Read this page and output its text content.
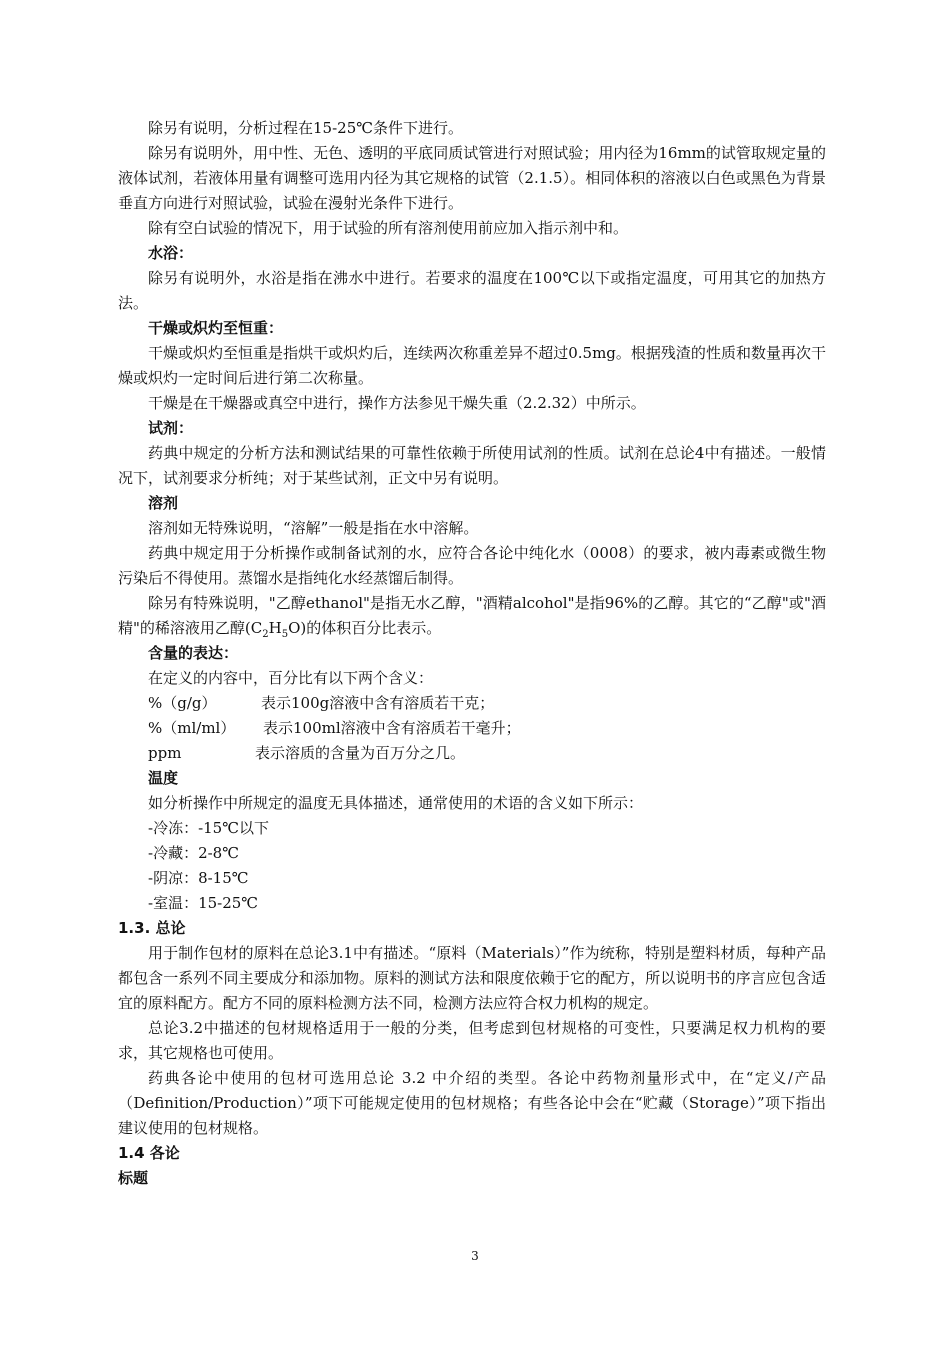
除另有说明，分析过程在15-25℃条件下进行。

除另有说明外，用中性、无色、透明的平底同质试管进行对照试验；用内径为16mm的试管取规定量的液体试剂，若液体用量有调整可选用内径为其它规格的试管（2.1.5）。相同体积的溶液以白色或黑色为背景垂直方向进行对照试验，试验在漫射光条件下进行。

除有空白试验的情况下，用于试验的所有溶剂使用前应加入指示剂中和。

水浴：

除另有说明外，水浴是指在沸水中进行。若要求的温度在100℃以下或指定温度，可用其它的加热方法。

干燥或炽灼至恒重：

干燥或炽灼至恒重是指烘干或炽灼后，连续两次称重差异不超过0.5mg。根据残渣的性质和数量再次干燥或炽灼一定时间后进行第二次称量。

干燥是在干燥器或真空中进行，操作方法参见干燥失重（2.2.32）中所示。

试剂：

药典中规定的分析方法和测试结果的可靠性依赖于所使用试剂的性质。试剂在总论4中有描述。一般情况下，试剂要求分析纯；对于某些试剂，正文中另有说明。

溶剂

溶剂如无特殊说明，“溶解”一般是指在水中溶解。

药典中规定用于分析操作或制备试剂的水，应符合各论中纯化水（0008）的要求，被内毒素或微生物污染后不得使用。蒸馏水是指纯化水经蒸馏后制得。

除另有特殊说明，"乙醇ethanol"是指无水乙醇，"酒精alcohol"是指96%的乙醇。其它的“乙醇"或"酒精"的稀溶液用乙醇$(C_2H_5O)$的体积百分比表示。

含量的表达：

在定义的内容中，百分比有以下两个含义：

%（g/g）	表示100g溶液中含有溶质若干克；
%（ml/ml）	表示100ml溶液中含有溶质若干毫升；
ppm	表示溶质的含量为百万分之几。

温度

如分析操作中所规定的温度无具体描述，通常使用的术语的含义如下所示：

-冷冻：-15℃以下

-冷藏：2-8℃

-阴凉：8-15℃

-室温：15-25℃

1.3. 总论

用于制作包材的原料在总论3.1中有描述。“原料（Materials）”作为统称，特别是塑料材质，每种产品都包含一系列不同主要成分和添加物。原料的测试方法和限度依赖于它的配方，所以说明书的序言应包含适宜的原料配方。配方不同的原料检测方法不同，检测方法应符合权力机构的规定。

总论3.2中描述的包材规格适用于一般的分类，但考虑到包材规格的可变性，只要满足权力机构的要求，其它规格也可使用。

药典各论中使用的包材可选用总论 3.2 中介绍的类型。各论中药物剂量形式中，在“定义/产品（Definition/Production）”项下可能规定使用的包材规格；有些各论中会在“贮藏（Storage）”项下指出建议使用的包材规格。

1.4 各论

标题

3
